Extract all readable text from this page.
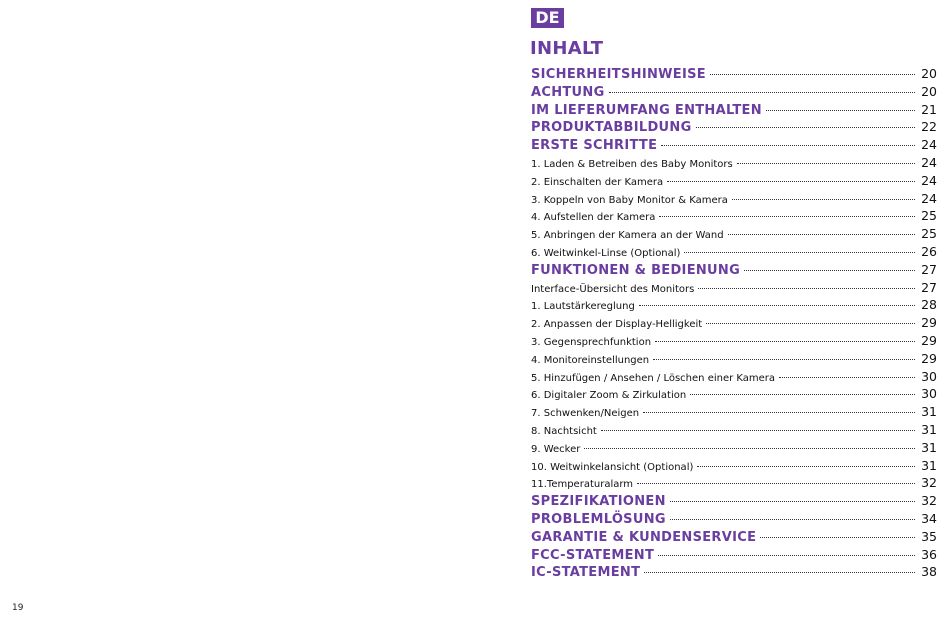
19
DE
INHALT
SICHERHEITSHINWEISE	20
ACHTUNG	20
IM LIEFERUMFANG ENTHALTEN	21
PRODUKTABBILDUNG	22
ERSTE SCHRITTE	24
1. Laden & Betreiben des Baby Monitors	24
2. Einschalten der Kamera	24
3. Koppeln von Baby Monitor & Kamera	24
4. Aufstellen der Kamera	25
5. Anbringen der Kamera an der Wand	25
6. Weitwinkel-Linse (Optional)	26
FUNKTIONEN & BEDIENUNG	27
Interface-Übersicht des Monitors	27
1. Lautstärkereglung	28
2. Anpassen der Display-Helligkeit	29
3. Gegensprechfunktion	29
4. Monitoreinstellungen	29
5. Hinzufügen / Ansehen / Löschen einer Kamera	30
6. Digitaler Zoom & Zirkulation	30
7. Schwenken/Neigen	31
8. Nachtsicht	31
9. Wecker	31
10. Weitwinkelansicht (Optional)	31
11.Temperaturalarm	32
SPEZIFIKATIONEN	32
PROBLEMLÖSUNG	34
GARANTIE & KUNDENSERVICE	35
FCC-STATEMENT	36
IC-STATEMENT	38
